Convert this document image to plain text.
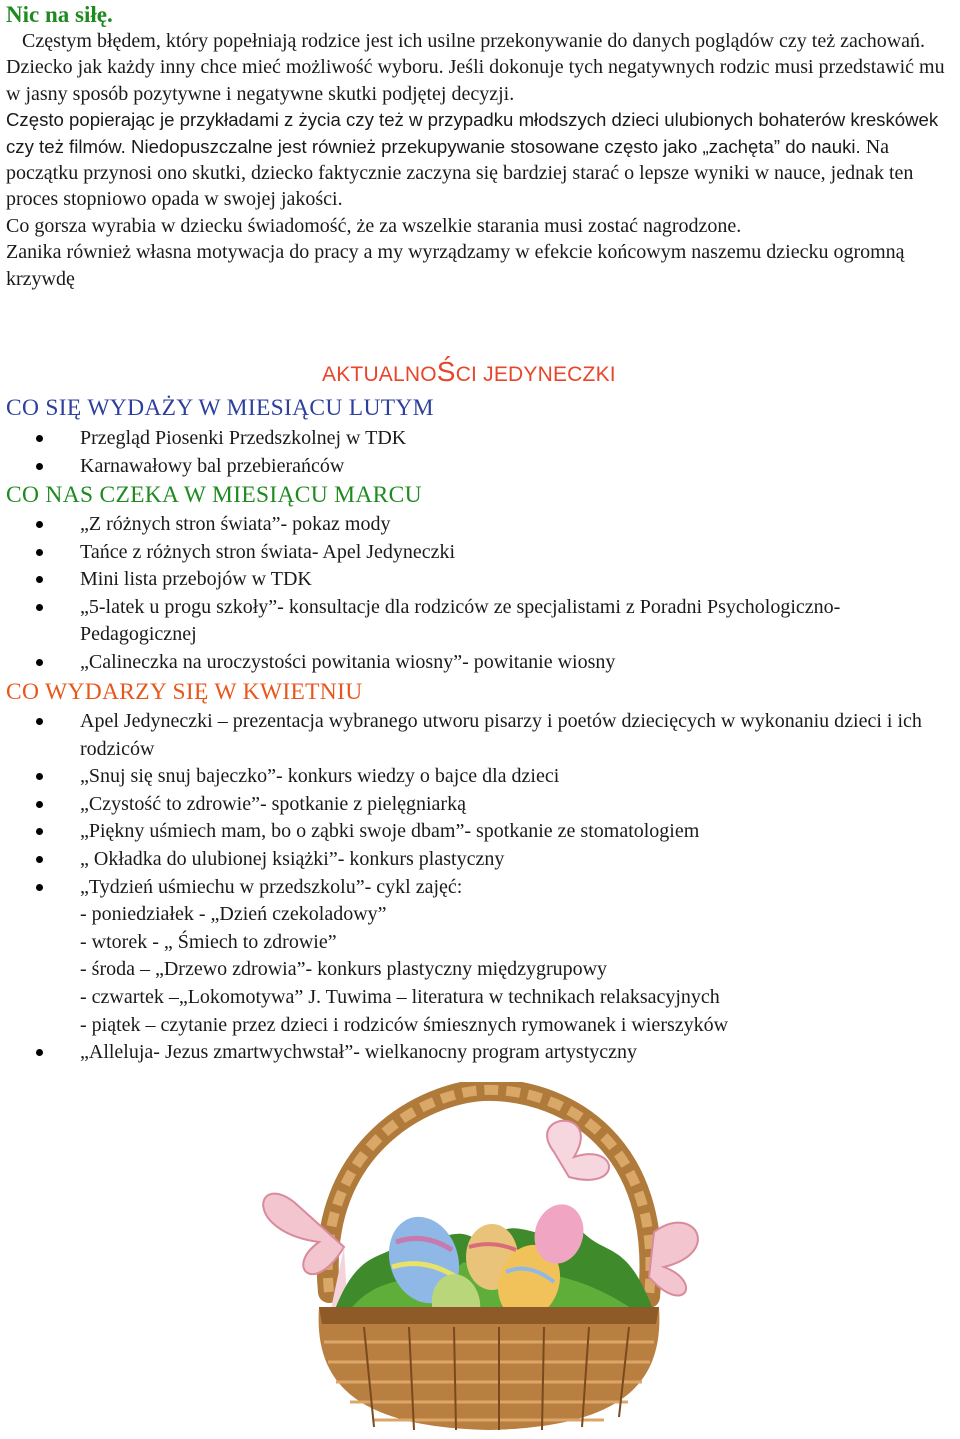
Nic na siłę.

Częstym błędem, który popełniają rodzice jest ich usilne przekonywanie do danych poglądów czy też zachowań.

Dziecko jak każdy inny chce mieć możliwość wyboru. Jeśli dokonuje tych negatywnych rodzic musi przedstawić mu w jasny sposób pozytywne i negatywne skutki podjętej decyzji.

Często popierając je przykładami z życia czy też w przypadku młodszych dzieci ulubionych bohaterów kreskówek czy też filmów. Niedopuszczalne jest również przekupywanie stosowane często jako „zachęta” do nauki. Na początku przynosi ono skutki, dziecko faktycznie zaczyna się bardziej starać o lepsze wyniki w nauce, jednak ten proces stopniowo opada w swojej jakości.

Co gorsza wyrabia w dziecku świadomość, że za wszelkie starania musi zostać nagrodzone.

Zanika również własna motywacja do pracy a my wyrządzamy w efekcie końcowym naszemu dziecku ogromną krzywdę

AKTUALNOŚCI JEDYNECZKI
CO SIĘ WYDAŻY W MIESIĄCU LUTYM
Przegląd Piosenki Przedszkolnej w TDK
Karnawałowy bal przebierańców
CO NAS CZEKA W MIESIĄCU MARCU
„Z różnych stron świata”- pokaz mody
Tańce z różnych stron świata- Apel Jedyneczki
Mini lista przebojów w TDK
„5-latek u progu szkoły”- konsultacje dla rodziców ze specjalistami z Poradni Psychologiczno- Pedagogicznej
„Calineczka na uroczystości powitania wiosny”- powitanie wiosny
CO WYDARZY SIĘ W KWIETNIU
Apel Jedyneczki – prezentacja wybranego utworu pisarzy i poetów dziecięcych w wykonaniu dzieci i ich rodziców
„Snuj się snuj bajeczko”- konkurs wiedzy o bajce dla dzieci
„Czystość to zdrowie”- spotkanie z pielęgniarką
„Piękny uśmiech mam, bo o ząbki swoje dbam”- spotkanie ze stomatologiem
„ Okładka do ulubionej książki”- konkurs plastyczny
„Tydzień uśmiechu w przedszkolu”- cykl zajęć:
- poniedziałek - „Dzień czekoladowy”
- wtorek - „ Śmiech to zdrowie”
- środa – „Drzewo zdrowia”- konkurs plastyczny międzygrupowy
- czwartek –„Lokomotywa” J. Tuwima – literatura w technikach relaksacyjnych
- piątek – czytanie przez dzieci i rodziców śmiesznych rymowanek i wierszyków
„Alleluja- Jezus zmartwychwstał”- wielkanocny program artystyczny
